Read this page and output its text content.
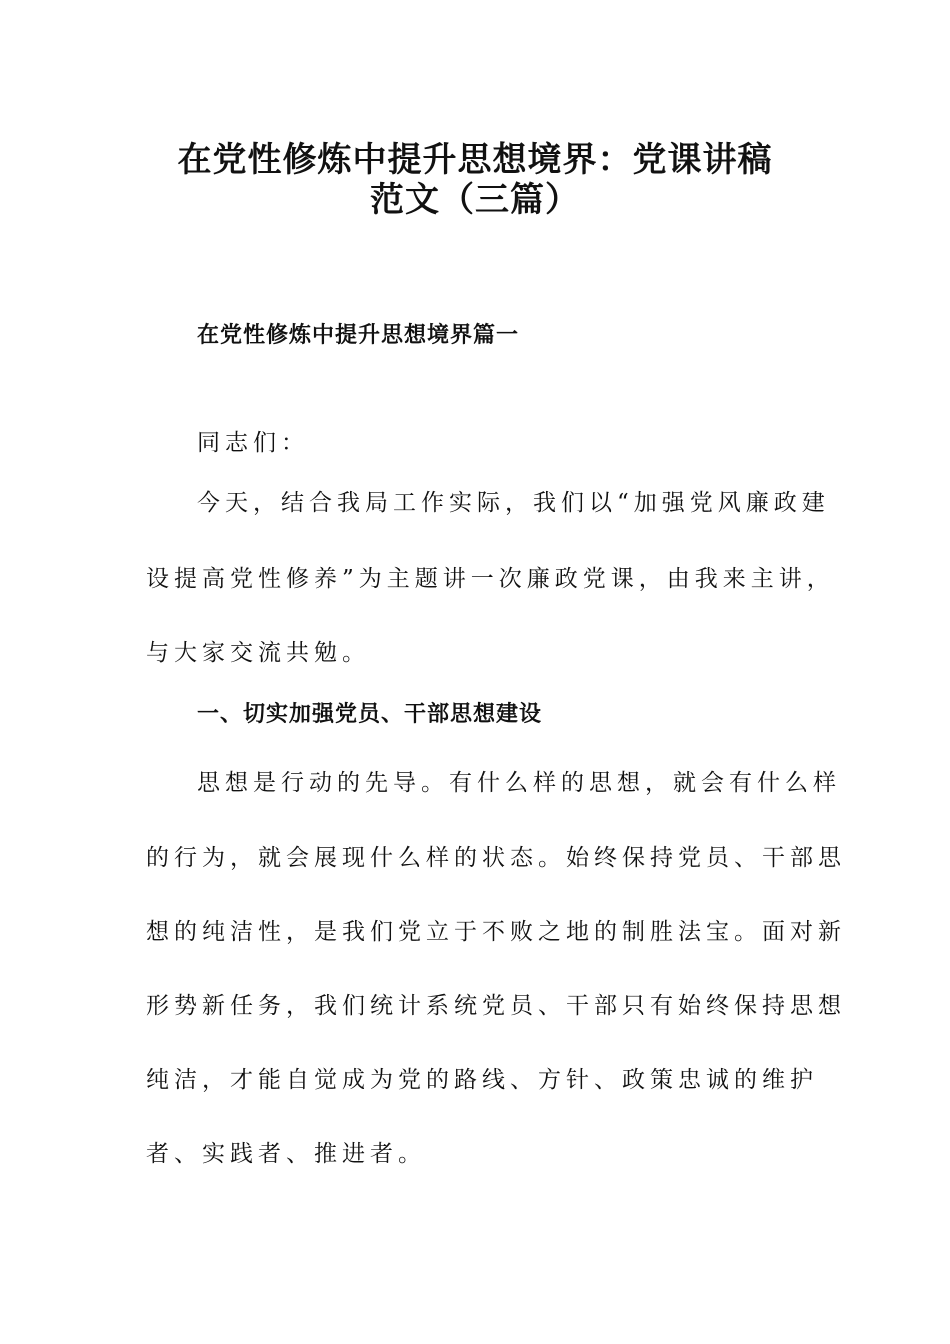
在党性修炼中提升思想境界：党课讲稿
范文（三篇）
在党性修炼中提升思想境界篇一
同志们：
今天，结合我局工作实际，我们以“加强党风廉政建
设提高党性修养”为主题讲一次廉政党课，由我来主讲，
与大家交流共勉。
一、切实加强党员、干部思想建设
思想是行动的先导。有什么样的思想，就会有什么样
的行为，就会展现什么样的状态。始终保持党员、干部思
想的纯洁性，是我们党立于不败之地的制胜法宝。面对新
形势新任务，我们统计系统党员、干部只有始终保持思想
纯洁，才能自觉成为党的路线、方针、政策忠诚的维护
者、实践者、推进者。
